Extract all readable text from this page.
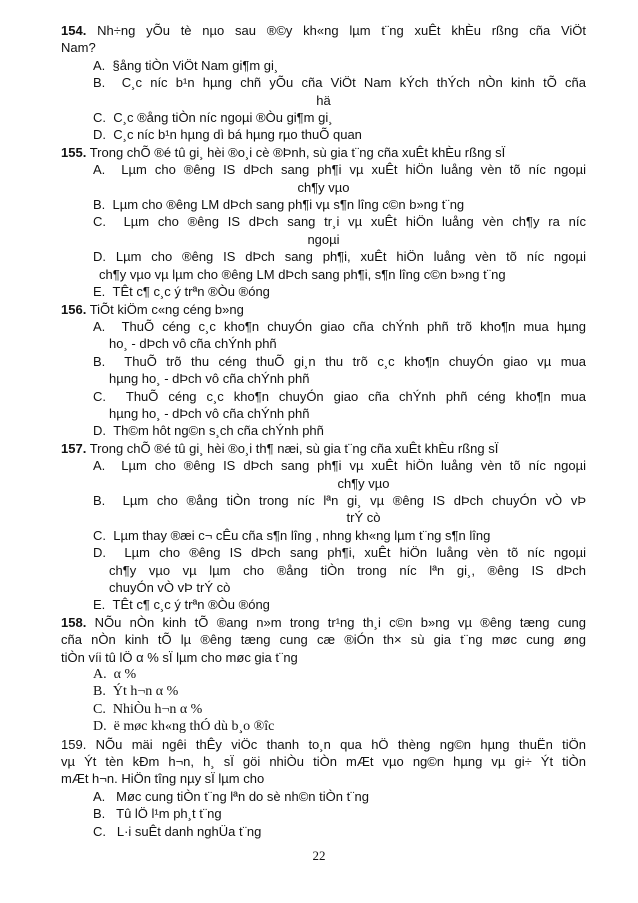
154. Nh÷ng yÕu tè nµo sau ®©y kh«ng lµm t¨ng xuÊt khÈu rßng cña ViÖt
Nam?
A. §ång tiÒn ViÖt Nam gi¶m gi¸
B. C¸c níc b¹n hµng chñ yÕu cña ViÖt Nam kÝch thÝch nÒn kinh tÕ cña
hä
C. C¸c ®ång tiÒn níc ngoµi ®Òu gi¶m gi¸
D. C¸c níc b¹n hµng dì bá hµng rµo thuÕ quan
155. Trong chÕ ®é tû gi¸ hèi ®o¸i cè ®Þnh, sù gia t¨ng cña xuÊt khÈu rßng sÏ
A. Lµm cho ®êng IS dÞch sang ph¶i vµ xuÊt hiÖn luång vèn tõ níc ngoµi
ch¶y vµo
B. Lµm cho ®êng LM dÞch sang ph¶i vµ s¶n lîng c©n b»ng t¨ng
C. Lµm cho ®êng IS dÞch sang tr¸i vµ xuÊt hiÖn luång vèn ch¶y ra níc
ngoµi
D. Lµm cho ®êng IS dÞch sang ph¶i, xuÊt hiÖn luång vèn tõ níc ngoµi
ch¶y vµo vµ lµm cho ®êng LM dÞch sang ph¶i, s¶n lîng c©n b»ng t¨ng
E. TÊt c¶ c¸c ý trªn ®Òu ®óng
156. TiÕt kiÖm c«ng céng b»ng
A. ThuÕ céng c¸c kho¶n chuyÓn giao cña chÝnh phñ trõ kho¶n mua hµng
ho¸ - dÞch vô cña chÝnh phñ
B. ThuÕ trõ thu céng thuÕ gi¸n thu trõ c¸c kho¶n chuyÓn giao vµ mua
hµng ho¸ - dÞch vô cña chÝnh phñ
C. ThuÕ céng c¸c kho¶n chuyÓn giao cña chÝnh phñ céng kho¶n mua
hµng ho¸ - dÞch vô cña chÝnh phñ
D. Th©m hôt ng©n s¸ch cña chÝnh phñ
157. Trong chÕ ®é tû gi¸ hèi ®o¸i th¶ næi, sù gia t¨ng cña xuÊt khÈu rßng sÏ
A. Lµm cho ®êng IS dÞch sang ph¶i vµ xuÊt hiÖn luång vèn tõ níc ngoµi
ch¶y vµo
B. Lµm cho ®ång tiÒn trong níc lªn gi¸ vµ ®êng IS dÞch chuyÓn vÒ vÞ
trÝ cò
C. Lµm thay ®æi c¬ cÊu cña s¶n lîng , nhng kh«ng lµm t¨ng s¶n lîng
D. Lµm cho ®êng IS dÞch sang ph¶i, xuÊt hiÖn luång vèn tõ níc ngoµi
ch¶y vµo vµ lµm cho ®ång tiÒn trong níc lªn gi¸, ®êng IS dÞch
chuyÓn vÒ vÞ trÝ cò
E. TÊt c¶ c¸c ý trªn ®Òu ®óng
158. NÕu nÒn kinh tÕ ®ang n»m trong tr¹ng th¸i c©n b»ng vµ ®êng tæng cung
cña nÒn kinh tÕ lµ ®êng tæng cung cæ ®iÓn th× sù gia t¨ng møc cung øng
tiÒn víi tû lÖ α % sÏ lµm cho møc gia t¨ng
A. α %
B. Ýt h¬n α %
C. NhiÒu h¬n α %
D. ë møc kh«ng thÓ dù b¸o ®îc
159. NÕu mäi ngêi thÊy viÖc thanh to¸n qua hÖ thèng ng©n hµng thuËn tiÖn
vµ Ýt tèn kÐm h¬n, h¸ sÏ göi nhiÒu tiÒn mÆt vµo ng©n hµng vµ gi÷ Ýt tiÒn
mÆt h¬n. HiÖn tîng nµy sÏ lµm cho
A. Møc cung tiÒn t¨ng lªn do sè nh©n tiÒn t¨ng
B. Tû lÖ l¹m ph¸t t¨ng
C. L·i suÊt danh nghÜa t¨ng
22
